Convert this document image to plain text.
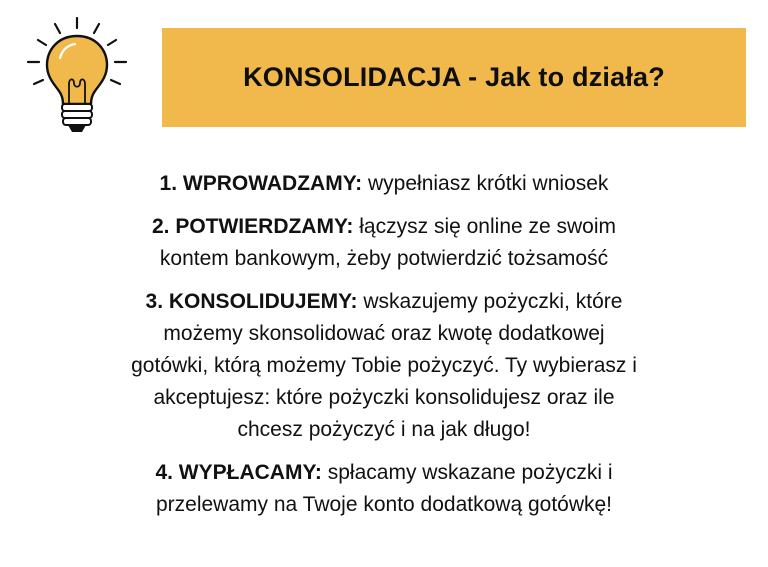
KONSOLIDACJA - Jak to działa?
1. WPROWADZAMY: wypełniasz krótki wniosek
2. POTWIERDZAMY: łączysz się online ze swoim
kontem bankowym, żeby potwierdzić tożsamość
3. KONSOLIDUJEMY: wskazujemy pożyczki, które
możemy skonsolidować oraz kwotę dodatkowej
gotówki, którą możemy Tobie pożyczyć. Ty wybierasz i
akceptujesz: które pożyczki konsolidujesz oraz ile
chcesz pożyczyć i na jak długo!
4. WYPŁACAMY: spłacamy wskazane pożyczki i
przelewamy na Twoje konto dodatkową gotówkę!
